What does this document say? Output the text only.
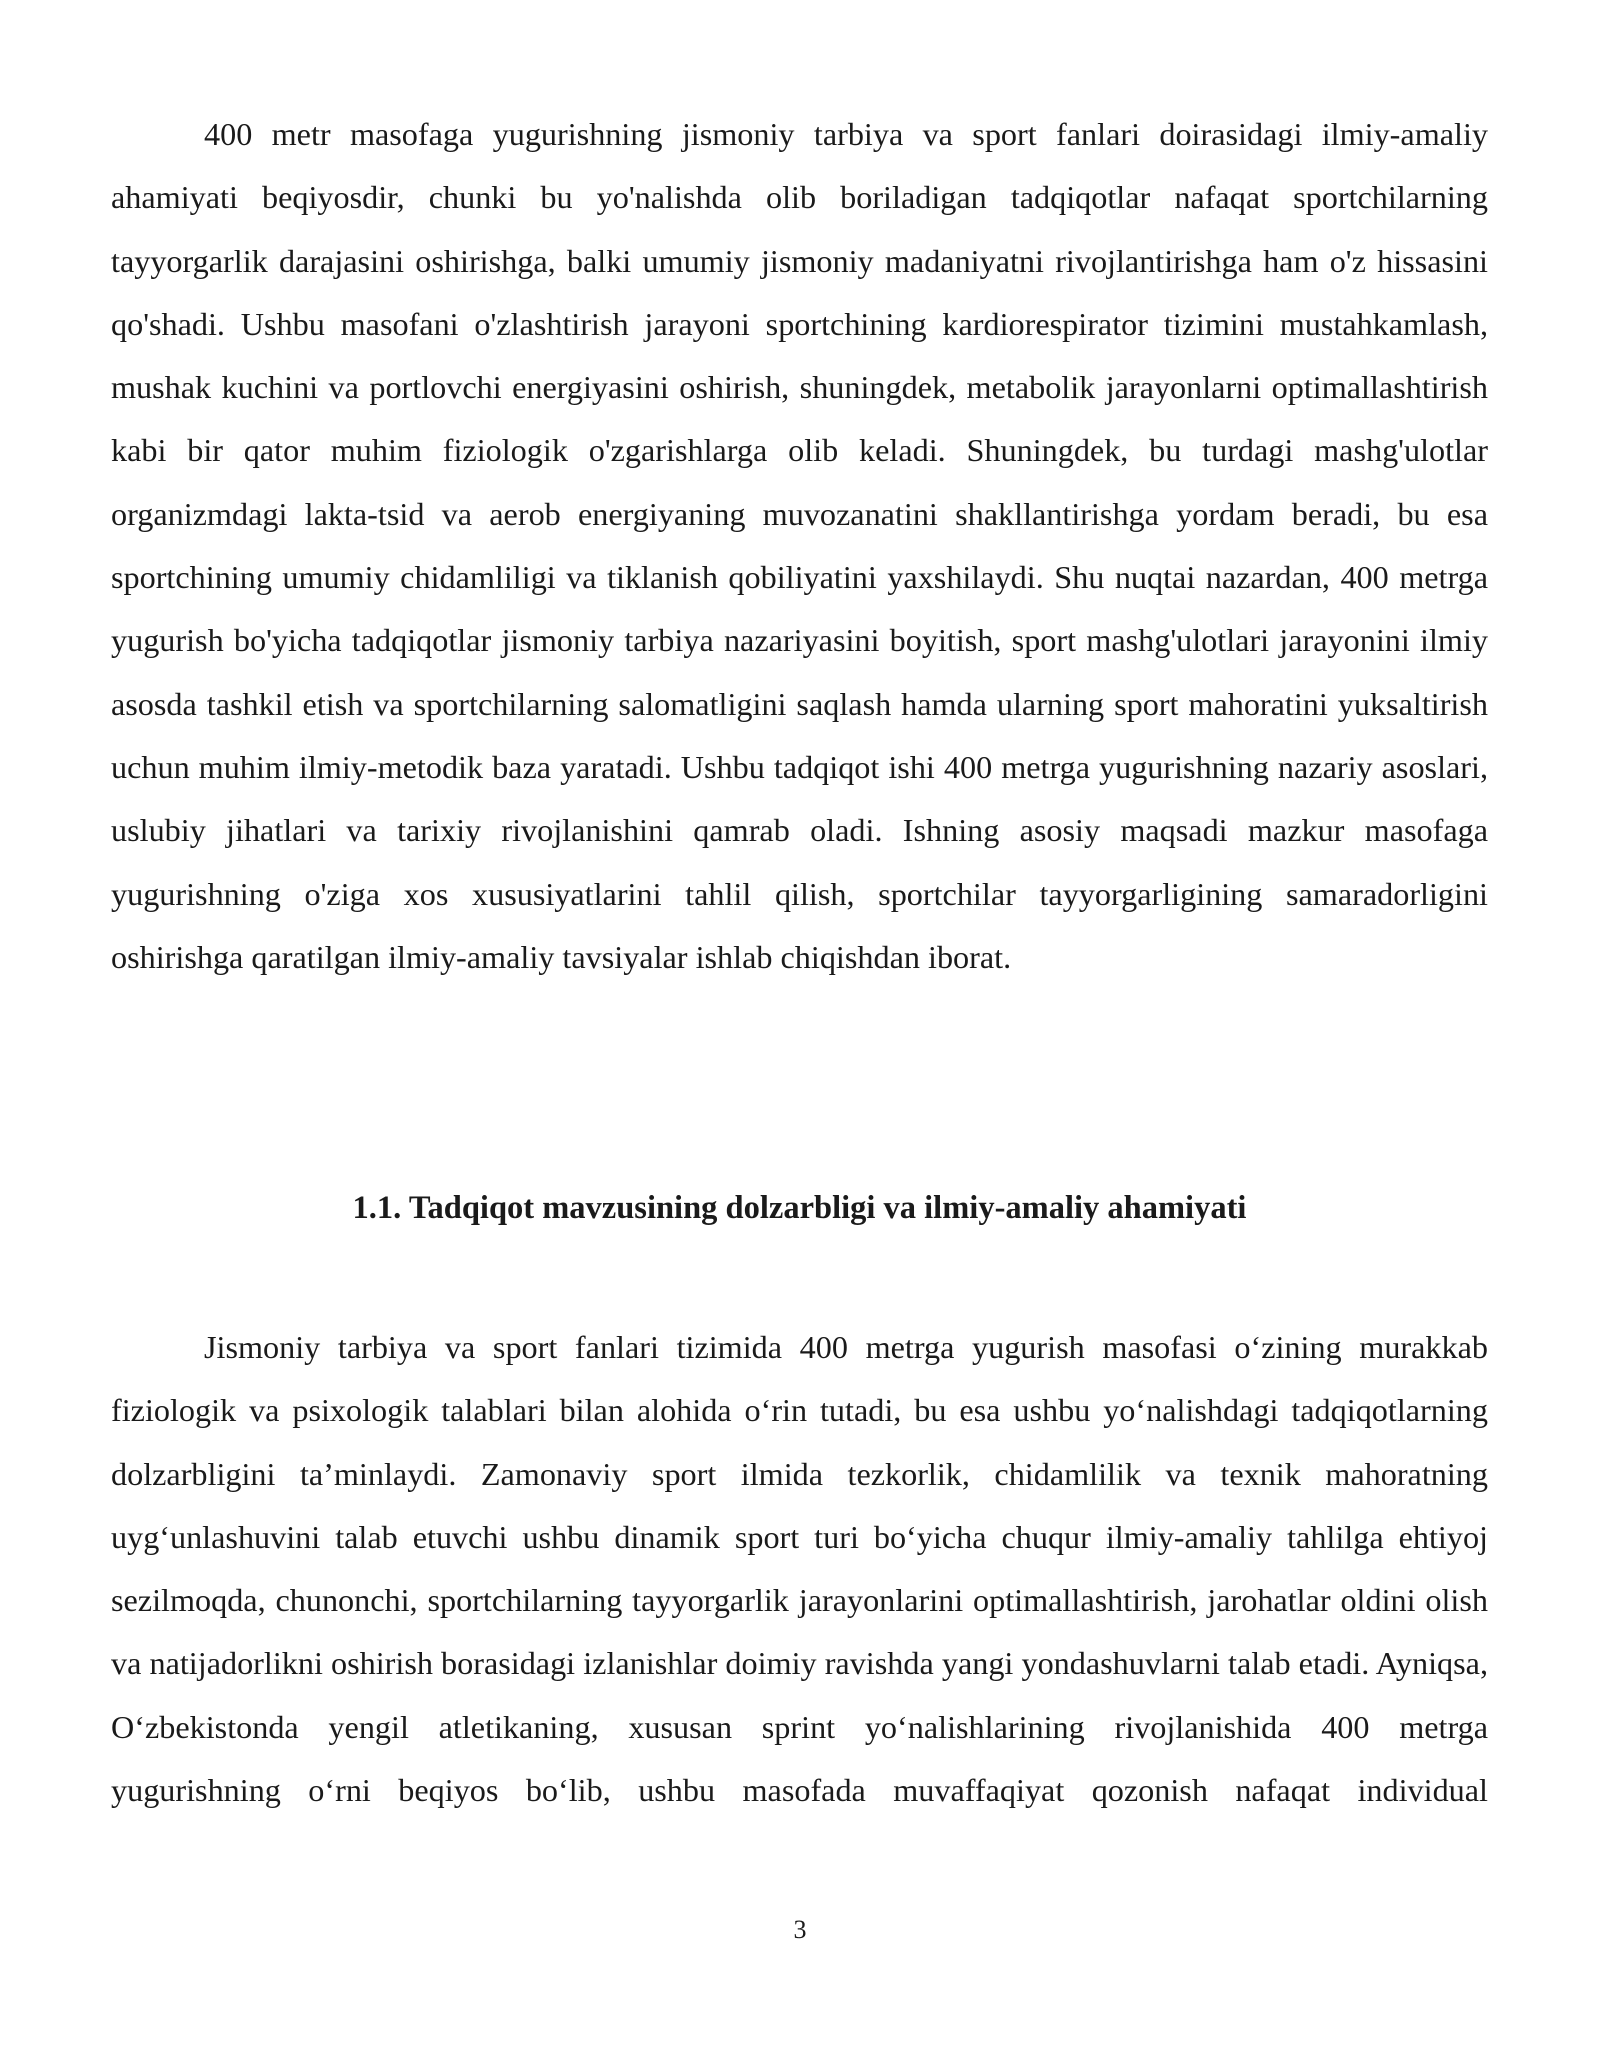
400 metr masofaga yugurishning jismoniy tarbiya va sport fanlari doirasidagi ilmiy-amaliy ahamiyati beqiyosdir, chunki bu yo'nalishda olib boriladigan tadqiqotlar nafaqat sportchilarning tayyorgarlik darajasini oshirishga, balki umumiy jismoniy madaniyatni rivojlantirishga ham o'z hissasini qo'shadi. Ushbu masofani o'zlashtirish jarayoni sportchining kardiorespirator tizimini mustahkamlash, mushak kuchini va portlovchi energiyasini oshirish, shuningdek, metabolik jarayonlarni optimallashtirish kabi bir qator muhim fiziologik o'zgarishlarga olib keladi. Shuningdek, bu turdagi mashg'ulotlar organizmdagi lakta-tsid va aerob energiyaning muvozanatini shakllantirishga yordam beradi, bu esa sportchining umumiy chidamliligi va tiklanish qobiliyatini yaxshilaydi. Shu nuqtai nazardan, 400 metrga yugurish bo'yicha tadqiqotlar jismoniy tarbiya nazariyasini boyitish, sport mashg'ulotlari jarayonini ilmiy asosda tashkil etish va sportchilarning salomatligini saqlash hamda ularning sport mahoratini yuksaltirish uchun muhim ilmiy-metodik baza yaratadi. Ushbu tadqiqot ishi 400 metrga yugurishning nazariy asoslari, uslubiy jihatlari va tarixiy rivojlanishini qamrab oladi. Ishning asosiy maqsadi mazkur masofaga yugurishning o'ziga xos xususiyatlarini tahlil qilish, sportchilar tayyorgarligining samaradorligini oshirishga qaratilgan ilmiy-amaliy tavsiyalar ishlab chiqishdan iborat.

1.1. Tadqiqot mavzusining dolzarbligi va ilmiy-amaliy ahamiyati

Jismoniy tarbiya va sport fanlari tizimida 400 metrga yugurish masofasi oʻzining murakkab fiziologik va psixologik talablari bilan alohida oʻrin tutadi, bu esa ushbu yoʻnalishdagi tadqiqotlarning dolzarbligini taʼminlaydi. Zamonaviy sport ilmida tezkorlik, chidamlilik va texnik mahoratning uygʻunlashuvini talab etuvchi ushbu dinamik sport turi boʻyicha chuqur ilmiy-amaliy tahlilga ehtiyoj sezilmoqda, chunonchi, sportchilarning tayyorgarlik jarayonlarini optimallashtirish, jarohatlar oldini olish va natijadorlikni oshirish borasidagi izlanishlar doimiy ravishda yangi yondashuvlarni talab etadi. Ayniqsa, Oʻzbekistonda yengil atletikaning, xususan sprint yoʻnalishlarining rivojlanishida 400 metrga yugurishning oʻrni beqiyos boʻlib, ushbu masofada muvaffaqiyat qozonish nafaqat individual

3
